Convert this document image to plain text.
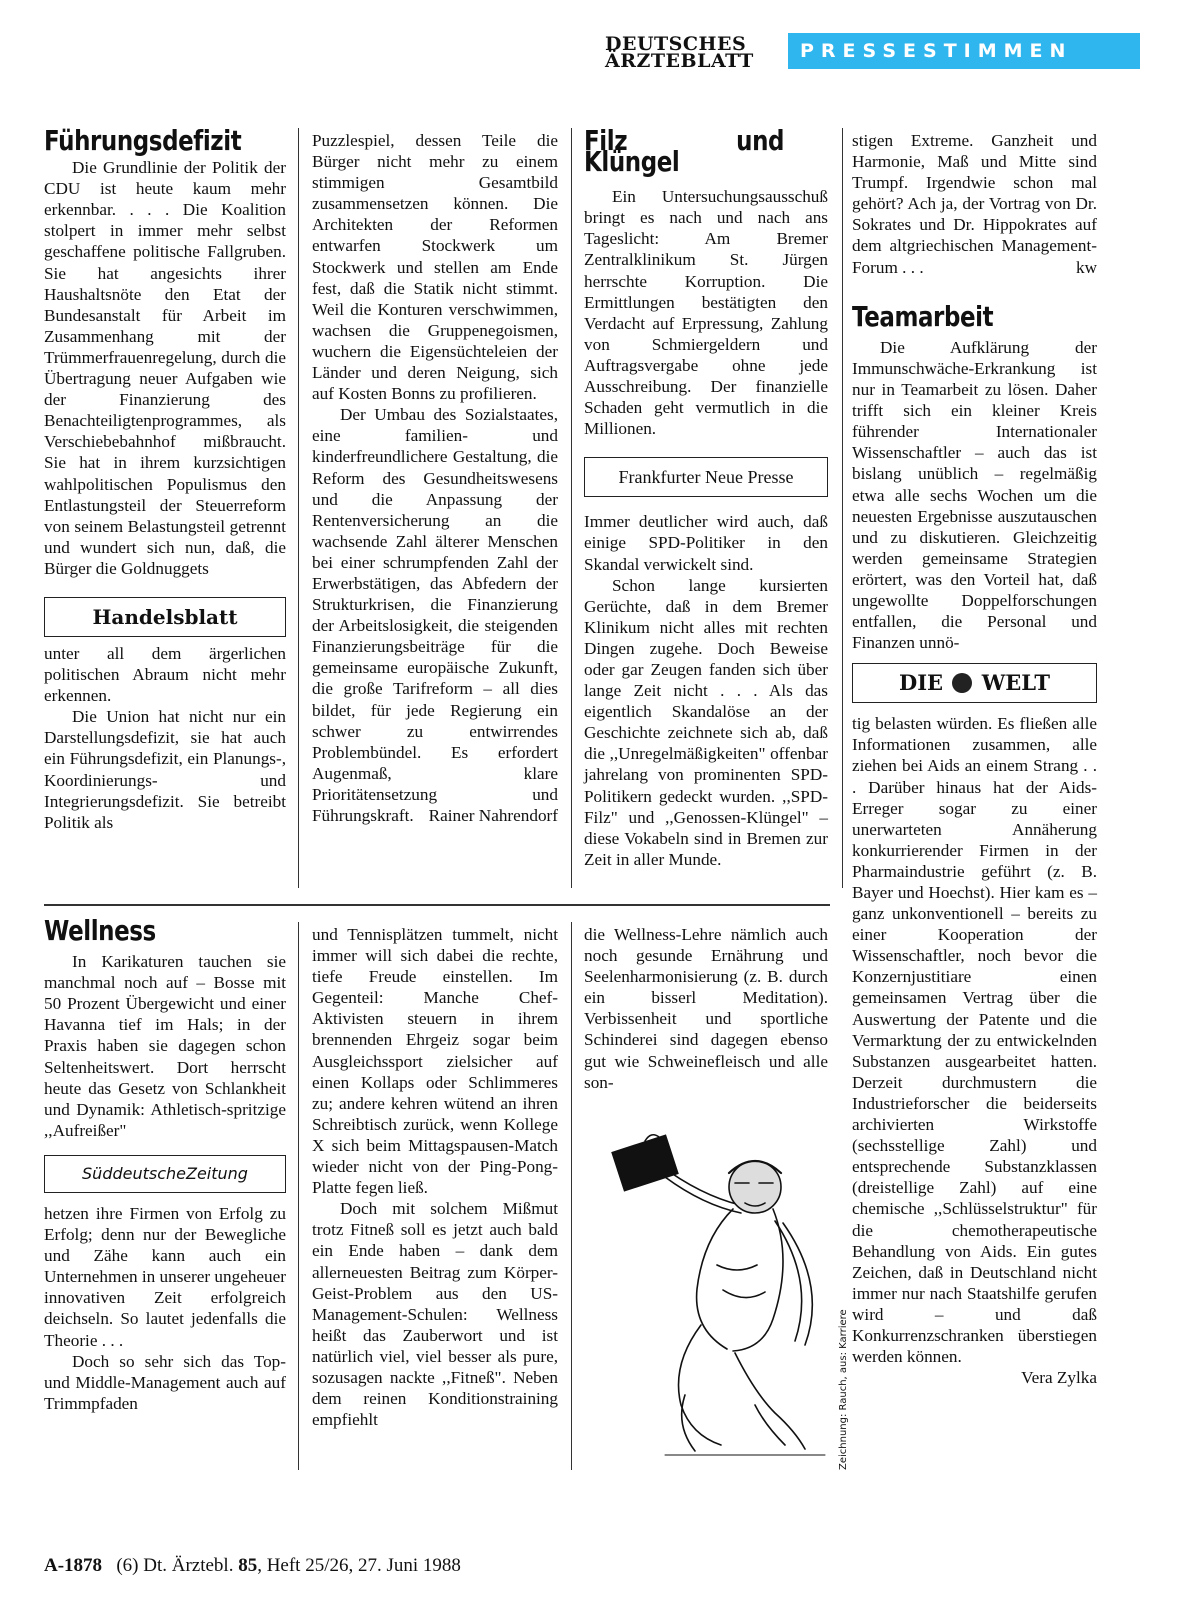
DEUTSCHES
ÄRZTEBLATT	PRESSESTIMMEN
Führungsdefizit

Die Grundlinie der Politik der CDU ist heute kaum mehr erkennbar. . . . Die Koalition stolpert in immer mehr selbst geschaffene politische Fallgruben. Sie hat angesichts ihrer Haushaltsnöte den Etat der Bundesanstalt für Arbeit im Zusammenhang mit der Trümmerfrauenregelung, durch die Übertragung neuer Aufgaben wie der Finanzierung des Benachteiligtenprogrammes, als Verschiebebahnhof mißbraucht. Sie hat in ihrem kurzsichtigen wahlpolitischen Populismus den Entlastungsteil der Steuerreform von seinem Belastungsteil getrennt und wundert sich nun, daß, die Bürger die Goldnuggets

Handelsblatt

unter all dem ärgerlichen politischen Abraum nicht mehr erkennen.

Die Union hat nicht nur ein Darstellungsdefizit, sie hat auch ein Führungsdefizit, ein Planungs-, Koordinierungs- und Integrierungsdefizit. Sie betreibt Politik als

Puzzlespiel, dessen Teile die Bürger nicht mehr zu einem stimmigen Gesamtbild zusammensetzen können. Die Architekten der Reformen entwarfen Stockwerk um Stockwerk und stellen am Ende fest, daß die Statik nicht stimmt. Weil die Konturen verschwimmen, wachsen die Gruppenegoismen, wuchern die Eigensüchteleien der Länder und deren Neigung, sich auf Kosten Bonns zu profilieren.

Der Umbau des Sozialstaates, eine familien- und kinderfreundlichere Gestaltung, die Reform des Gesundheitswesens und die Anpassung der Rentenversicherung an die wachsende Zahl älterer Menschen bei einer schrumpfenden Zahl der Erwerbstätigen, das Abfedern der Strukturkrisen, die Finanzierung der Arbeitslosigkeit, die steigenden Finanzierungsbeiträge für die gemeinsame europäische Zukunft, die große Tarifreform – all dies bildet, für jede Regierung ein schwer zu entwirrendes Problembündel. Es erfordert Augenmaß, klare Prioritätensetzung und Führungskraft. Rainer Nahrendorf

Filz und Klüngel

Ein Untersuchungsausschuß bringt es nach und nach ans Tageslicht: Am Bremer Zentralklinikum St. Jürgen herrschte Korruption. Die Ermittlungen bestätigten den Verdacht auf Erpressung, Zahlung von Schmiergeldern und Auftragsvergabe ohne jede Ausschreibung. Der finanzielle Schaden geht vermutlich in die Millionen.

Frankfurter Neue Presse

Immer deutlicher wird auch, daß einige SPD-Politiker in den Skandal verwickelt sind.

Schon lange kursierten Gerüchte, daß in dem Bremer Klinikum nicht alles mit rechten Dingen zugehe. Doch Beweise oder gar Zeugen fanden sich über lange Zeit nicht . . . Als das eigentlich Skandalöse an der Geschichte zeichnete sich ab, daß die ,,Unregelmäßigkeiten" offenbar jahrelang von prominenten SPD-Politikern gedeckt wurden. ,,SPD-Filz" und ,,Genossen-Klüngel" – diese Vokabeln sind in Bremen zur Zeit in aller Munde.

stigen Extreme. Ganzheit und Harmonie, Maß und Mitte sind Trumpf. Irgendwie schon mal gehört? Ach ja, der Vortrag von Dr. Sokrates und Dr. Hippokrates auf dem altgriechischen Management-Forum . . .	kw

Teamarbeit

Die Aufklärung der Immunschwäche-Erkrankung ist nur in Teamarbeit zu lösen. Daher trifft sich ein kleiner Kreis führender Internationaler Wissenschaftler – auch das ist bislang unüblich – regelmäßig etwa alle sechs Wochen um die neuesten Ergebnisse auszutauschen und zu diskutieren. Gleichzeitig werden gemeinsame Strategien erörtert, was den Vorteil hat, daß ungewollte Doppelforschungen entfallen, die Personal und Finanzen unnö-

DIE WELT

tig belasten würden. Es fließen alle Informationen zusammen, alle ziehen bei Aids an einem Strang . . . Darüber hinaus hat der Aids-Erreger sogar zu einer unerwarteten Annäherung konkurrierender Firmen in der Pharmaindustrie geführt (z. B. Bayer und Hoechst). Hier kam es – ganz unkonventionell – bereits zu einer Kooperation der Wissenschaftler, noch bevor die Konzernjustitiare einen gemeinsamen Vertrag über die Auswertung der Patente und die Vermarktung der zu entwickelnden Substanzen ausgearbeitet hatten. Derzeit durchmustern die Industrieforscher die beiderseits archivierten Wirkstoffe (sechsstellige Zahl) und entsprechende Substanzklassen (dreistellige Zahl) auf eine chemische ,,Schlüsselstruktur" für die chemotherapeutische Behandlung von Aids. Ein gutes Zeichen, daß in Deutschland nicht immer nur nach Staatshilfe gerufen wird – und daß Konkurrenzschranken überstiegen werden können.

Vera Zylka

Wellness

In Karikaturen tauchen sie manchmal noch auf – Bosse mit 50 Prozent Übergewicht und einer Havanna tief im Hals; in der Praxis haben sie dagegen schon Seltenheitswert. Dort herrscht heute das Gesetz von Schlankheit und Dynamik: Athletisch-spritzige ,,Aufreißer"

SüddeutscheZeitung

hetzen ihre Firmen von Erfolg zu Erfolg; denn nur der Bewegliche und Zähe kann auch ein Unternehmen in unserer ungeheuer innovativen Zeit erfolgreich deichseln. So lautet jedenfalls die Theorie . . .

Doch so sehr sich das Top- und Middle-Management auch auf Trimmpfaden

und Tennisplätzen tummelt, nicht immer will sich dabei die rechte, tiefe Freude einstellen. Im Gegenteil: Manche Chef-Aktivisten steuern in ihrem brennenden Ehrgeiz sogar beim Ausgleichssport zielsicher auf einen Kollaps oder Schlimmeres zu; andere kehren wütend an ihren Schreibtisch zurück, wenn Kollege X sich beim Mittagspausen-Match wieder nicht von der Ping-Pong-Platte fegen ließ.

Doch mit solchem Mißmut trotz Fitneß soll es jetzt auch bald ein Ende haben – dank dem allerneuesten Beitrag zum Körper-Geist-Problem aus den US-Management-Schulen: Wellness heißt das Zauberwort und ist natürlich viel, viel besser als pure, sozusagen nackte ,,Fitneß". Neben dem reinen Konditionstraining empfiehlt

die Wellness-Lehre nämlich auch noch gesunde Ernährung und Seelenharmonisierung (z. B. durch ein bisserl Meditation). Verbissenheit und sportliche Schinderei sind dagegen ebenso gut wie Schweinefleisch und alle son-

Zeichnung: Rauch, aus: Karriere
A-1878 (6) Dt. Ärztebl. 85, Heft 25/26, 27. Juni 1988
